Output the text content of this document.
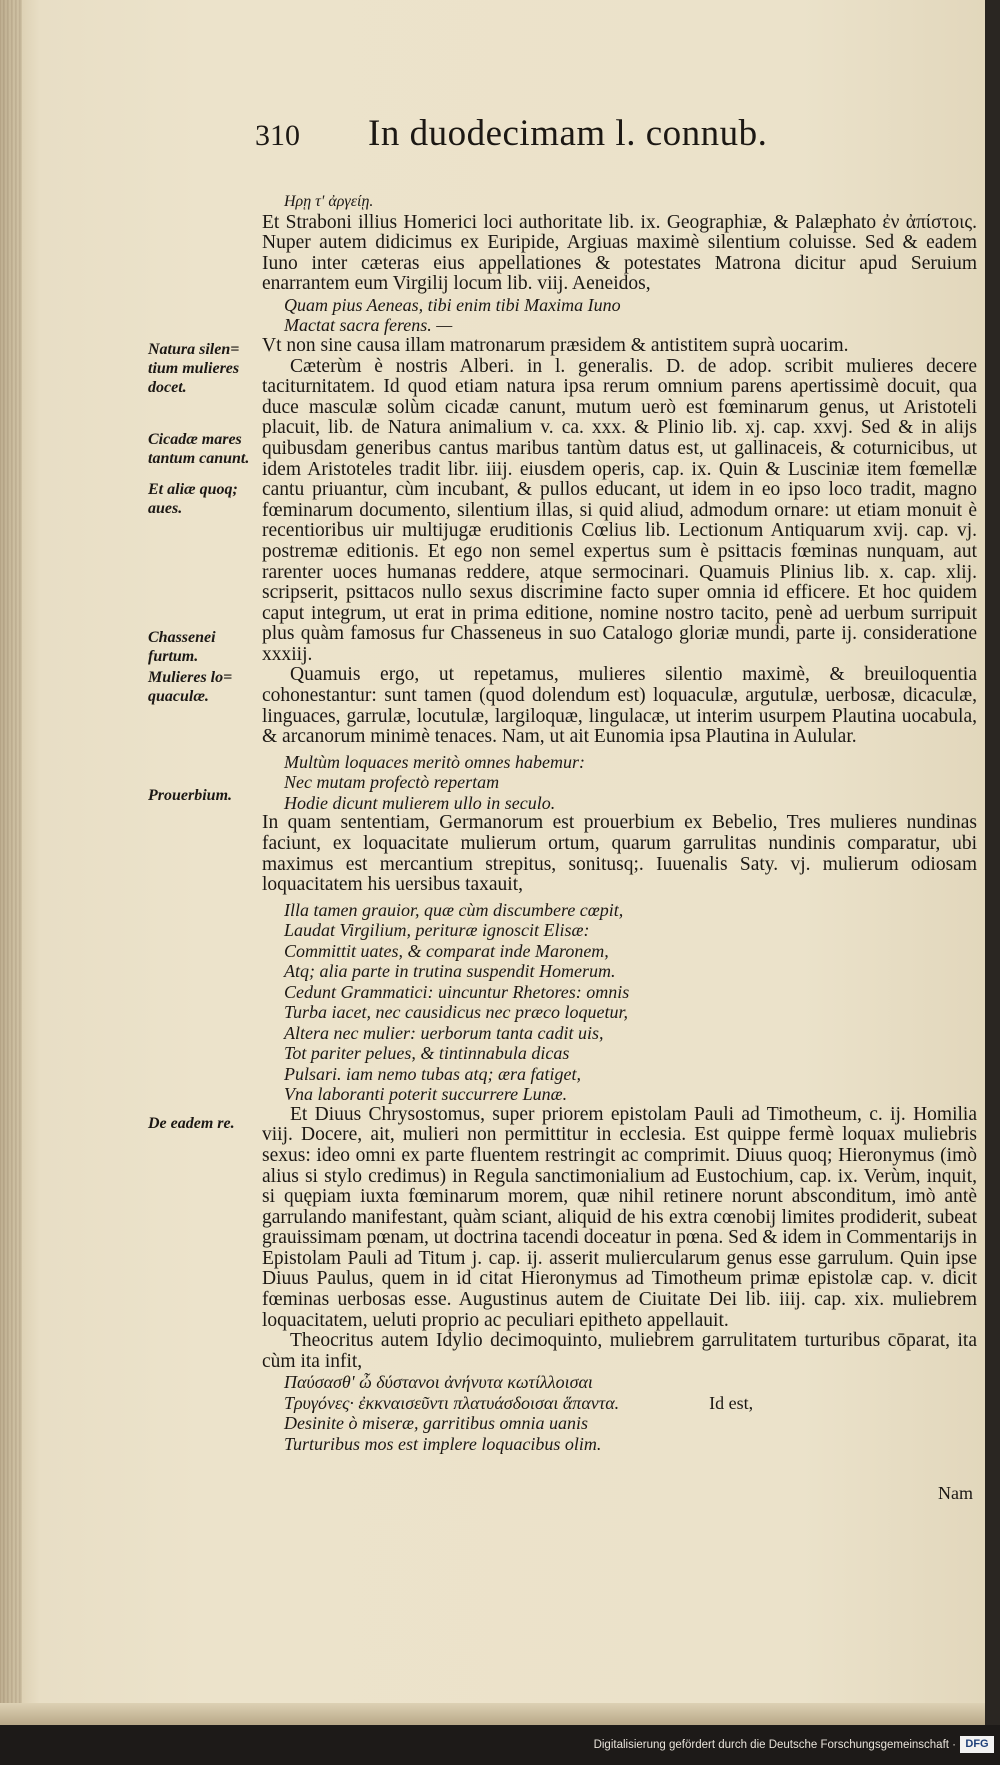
310 In duodecimam l. connub.
Natura silen= tium mulieres docet.
Cicadæ mares tantum canunt.
Et aliæ quoq; aues.
Chassenei furtum.
Mulieres lo= quaculæ.
Prouerbium.
De eadem re.
Ηρῃ τ' ἀργείῃ.

Et Straboni illius Homerici loci authoritate lib. ix. Geographiæ, & Palæphato ἐν ἀπίστοις. Nuper autem didicimus ex Euripide, Argiuas maximè silentium coluisse. Sed & eadem Iuno inter cæteras eius appellationes & potestates Matrona dicitur apud Seruium enarrantem eum Virgilij locum lib. viij. Aeneidos,

Quam pius Aeneas, tibi enim tibi Maxima Iuno
Mactat sacra ferens. —

Vt non sine causa illam matronarum præsidem & antistitem suprà uocarim.

Cæterùm è nostris Alberi. in l. generalis. D. de adop. scribit mulieres decere taciturnitatem. Id quod etiam natura ipsa rerum omnium parens apertissimè docuit, qua duce masculæ solùm cicadæ canunt, mutum uerò est fœminarum genus, ut Aristoteli placuit, lib. de Natura animalium v. ca. xxx. & Plinio lib. xj. cap. xxvj. Sed & in alijs quibusdam generibus cantus maribus tantùm datus est, ut gallinaceis, & coturnicibus, ut idem Aristoteles tradit libr. iiij. eiusdem operis, cap. ix. Quin & Lusciniæ item fœmellæ cantu priuantur, cùm incubant, & pullos educant, ut idem in eo ipso loco tradit, magno fœminarum documento, silentium illas, si quid aliud, admodum ornare: ut etiam monuit è recentioribus uir multijugæ eruditionis Cœlius lib. Lectionum Antiquarum xvij. cap. vj. postremæ editionis. Et ego non semel expertus sum è psittacis fœminas nunquam, aut rarenter uoces humanas reddere, atque sermocinari. Quamuis Plinius lib. x. cap. xlij. scripserit, psittacos nullo sexus discrimine facto super omnia id efficere. Et hoc quidem caput integrum, ut erat in prima editione, nomine nostro tacito, penè ad uerbum surripuit plus quàm famosus fur Chasseneus in suo Catalogo gloriæ mundi, parte ij. consideratione xxxiij.

Quamuis ergo, ut repetamus, mulieres silentio maximè, & breuiloquentia cohonestantur: sunt tamen (quod dolendum est) loquaculæ, argutulæ, uerbosæ, dicaculæ, linguaces, garrulæ, locutulæ, largiloquæ, lingulacæ, ut interim usurpem Plautina uocabula, & arcanorum minimè tenaces. Nam, ut ait Eunomia ipsa Plautina in Aulular.

Multùm loquaces meritò omnes habemur:
Nec mutam profectò repertam
Hodie dicunt mulierem ullo in seculo.

In quam sententiam, Germanorum est prouerbium ex Bebelio, Tres mulieres nundinas faciunt, ex loquacitate mulierum ortum, quarum garrulitas nundinis comparatur, ubi maximus est mercantium strepitus, sonitusq;. Iuuenalis Saty. vj. mulierum odiosam loquacitatem his uersibus taxauit,

Illa tamen grauior, quæ cùm discumbere cœpit,
Laudat Virgilium, perituræ ignoscit Elisæ:
Committit uates, & comparat inde Maronem,
Atq; alia parte in trutina suspendit Homerum.
Cedunt Grammatici: uincuntur Rhetores: omnis
Turba iacet, nec causidicus nec præco loquetur,
Altera nec mulier: uerborum tanta cadit uis,
Tot pariter pelues, & tintinnabula dicas
Pulsari. iam nemo tubas atq; æra fatiget,
Vna laboranti poterit succurrere Lunæ.

Et Diuus Chrysostomus, super priorem epistolam Pauli ad Timotheum, c. ij. Homilia viij. Docere, ait, mulieri non permittitur in ecclesia. Est quippe fermè loquax muliebris sexus: ideo omni ex parte fluentem restringit ac comprimit. Diuus quoq; Hieronymus (imò alius si stylo credimus) in Regula sanctimonialium ad Eustochium, cap. ix. Verùm, inquit, si quępiam iuxta fœminarum morem, quæ nihil retinere norunt absconditum, imò antè garrulando manifestant, quàm sciant, aliquid de his extra cœnobij limites prodiderit, subeat grauissimam pœnam, ut doctrina tacendi doceatur in pœna. Sed & idem in Commentarijs in Epistolam Pauli ad Titum j. cap. ij. asserit muliercularum genus esse garrulum. Quin ipse Diuus Paulus, quem in id citat Hieronymus ad Timotheum primæ epistolæ cap. v. dicit fœminas uerbosas esse. Augustinus autem de Ciuitate Dei lib. iiij. cap. xix. muliebrem loquacitatem, ueluti proprio ac peculiari epitheto appellauit.

Theocritus autem Idylio decimoquinto, muliebrem garrulitatem turturibus cōparat, ita cùm ita infit,

Παύσασθ' ὦ δύστανοι ἀνήνυτα κωτίλλοισαι
Τρυγόνες· ἐκκναισεῦντι πλατυάσδοισαι ἅπαντα.	Id est,
Desinite ò miseræ, garritibus omnia uanis
Turturibus mos est implere loquacibus olim.
Nam
Digitalisierung gefördert durch die Deutsche Forschungsgemeinschaft · DFG
